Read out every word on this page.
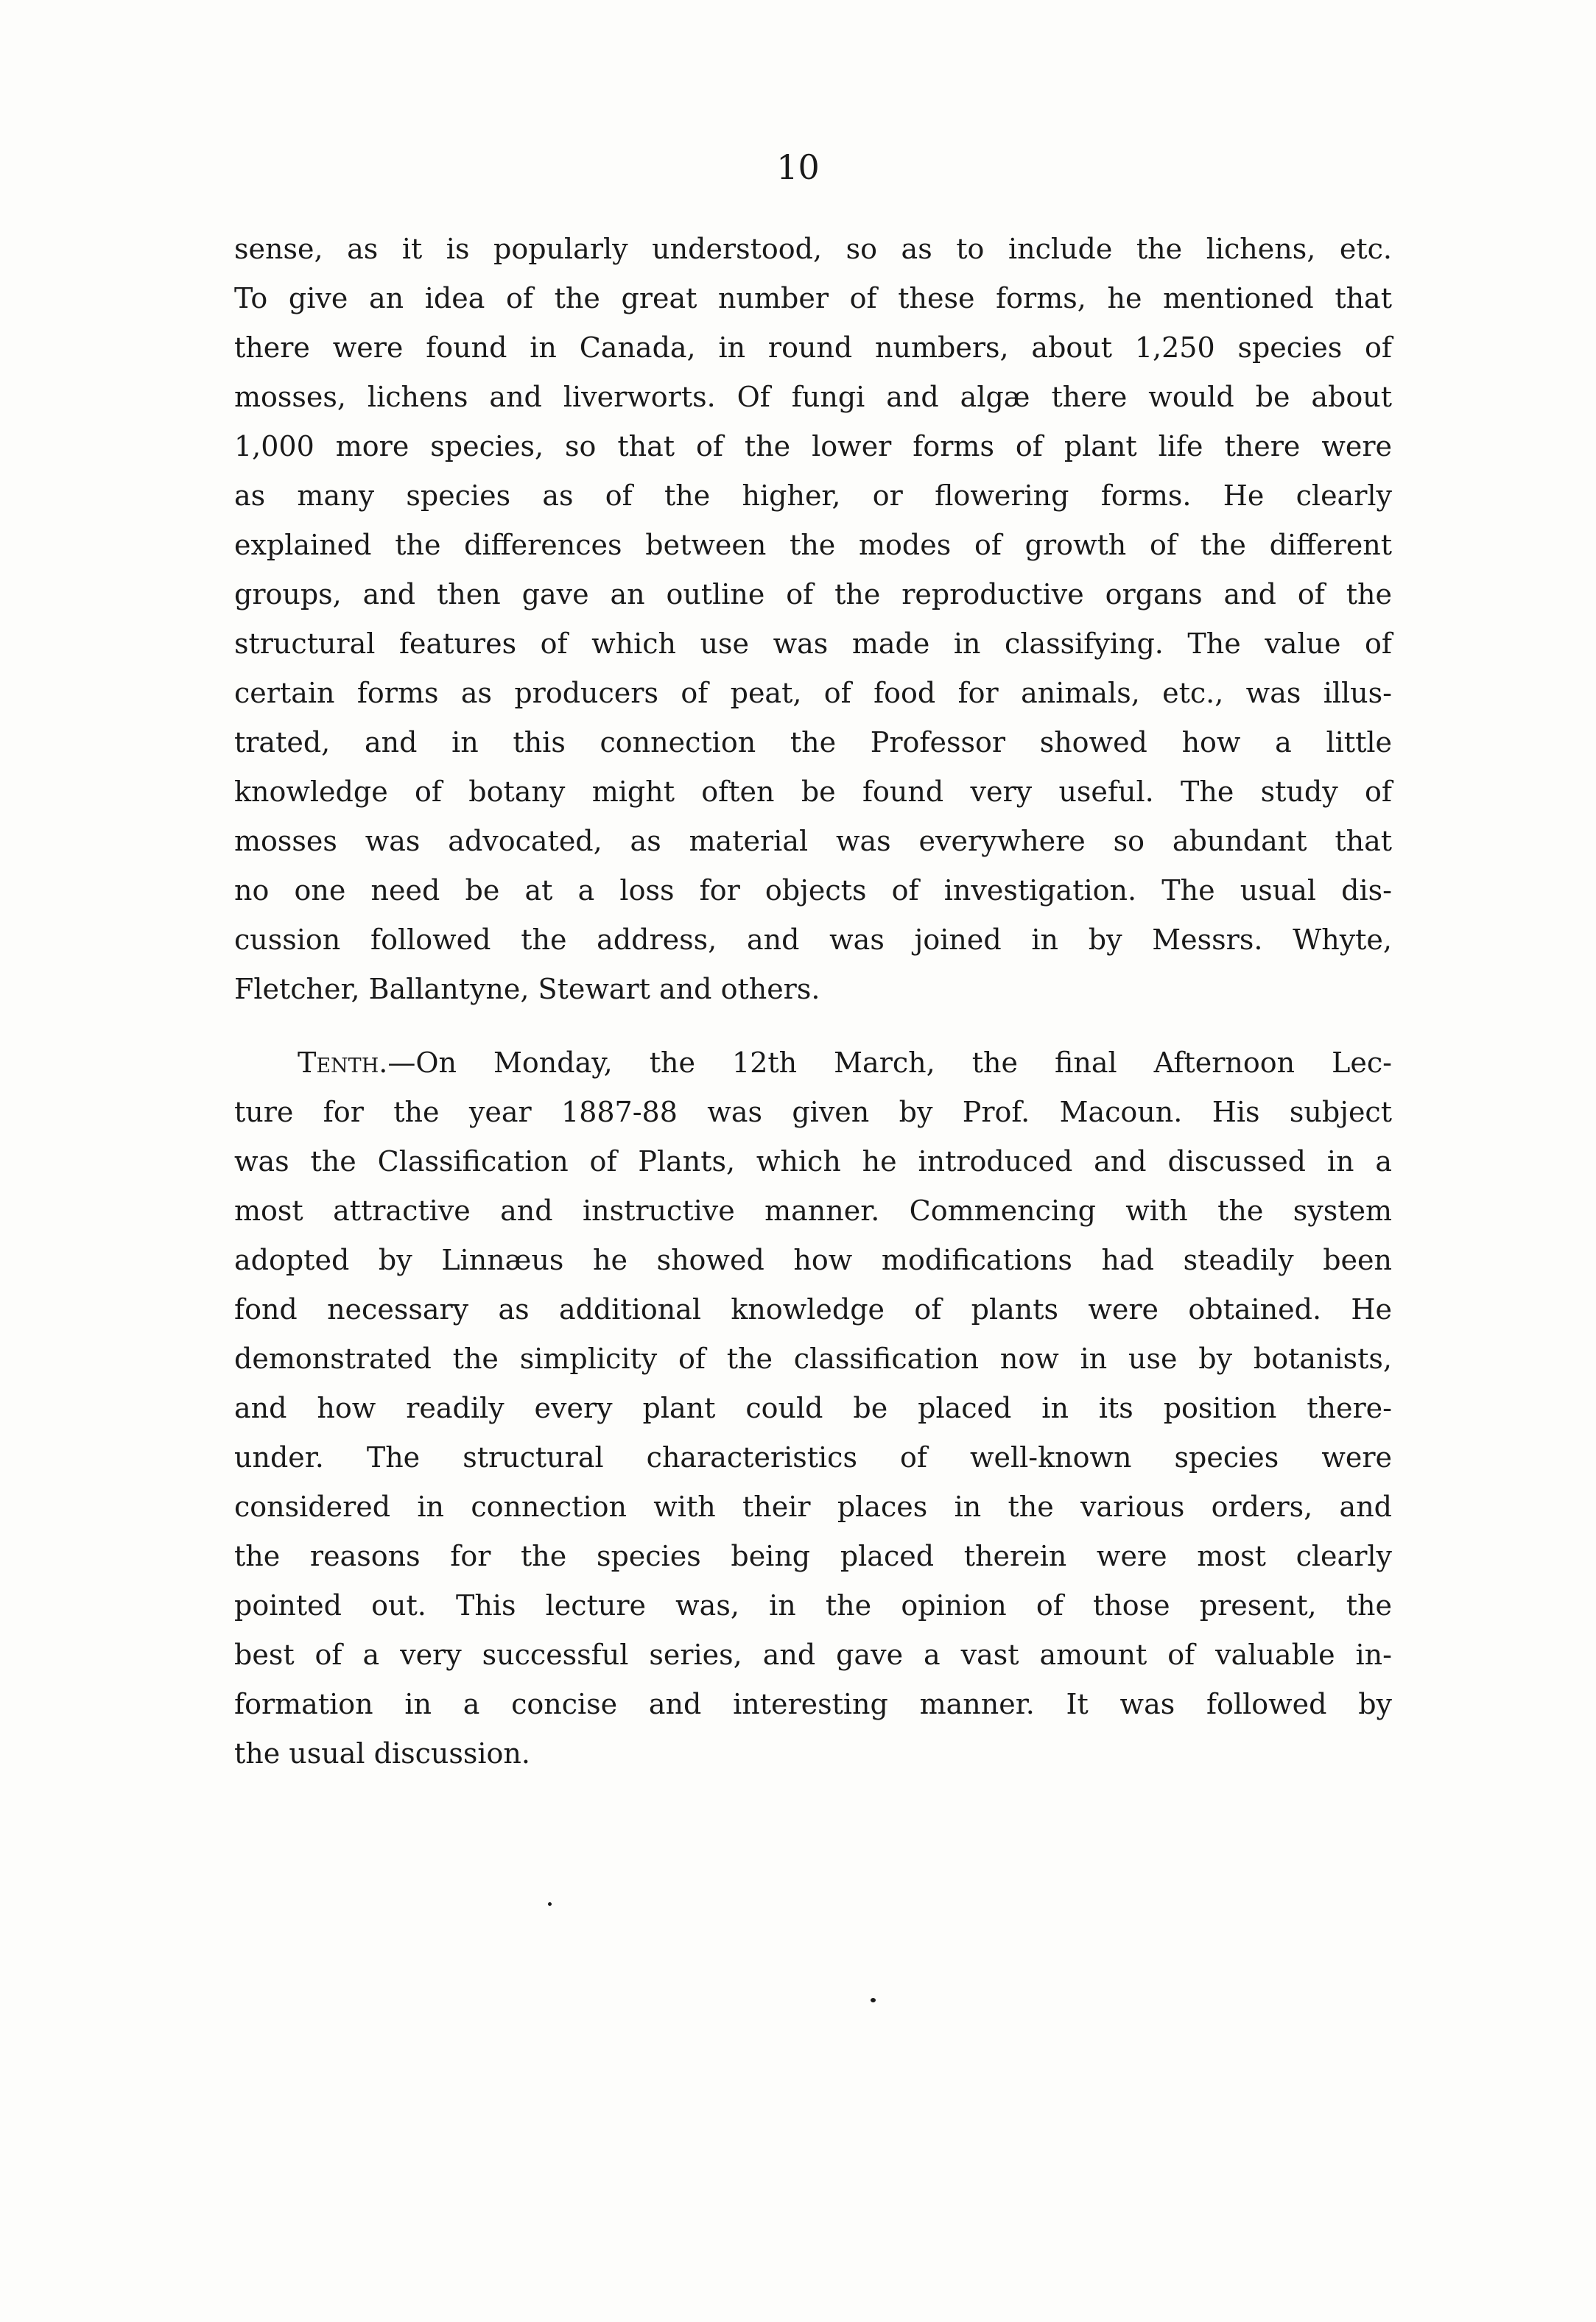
10
sense, as it is popularly understood, so as to include the lichens, etc.
To give an idea of the great number of these forms, he mentioned that
there were found in Canada, in round numbers, about 1,250 species of
mosses, lichens and liverworts. Of fungi and algæ there would be about
1,000 more species, so that of the lower forms of plant life there were
as many species as of the higher, or flowering forms. He clearly
explained the differences between the modes of growth of the different
groups, and then gave an outline of the reproductive organs and of the
structural features of which use was made in classifying. The value of
certain forms as producers of peat, of food for animals, etc., was illus-
trated, and in this connection the Professor showed how a little
knowledge of botany might often be found very useful. The study of
mosses was advocated, as material was everywhere so abundant that
no one need be at a loss for objects of investigation. The usual dis-
cussion followed the address, and was joined in by Messrs. Whyte,
Fletcher, Ballantyne, Stewart and others.
Tenth.—On Monday, the 12th March, the final Afternoon Lec-
ture for the year 1887-88 was given by Prof. Macoun. His subject
was the Classification of Plants, which he introduced and discussed in a
most attractive and instructive manner. Commencing with the system
adopted by Linnæus he showed how modifications had steadily been
fond necessary as additional knowledge of plants were obtained. He
demonstrated the simplicity of the classification now in use by botanists,
and how readily every plant could be placed in its position there-
under. The structural characteristics of well-known species were
considered in connection with their places in the various orders, and
the reasons for the species being placed therein were most clearly
pointed out. This lecture was, in the opinion of those present, the
best of a very successful series, and gave a vast amount of valuable in-
formation in a concise and interesting manner. It was followed by
the usual discussion.
